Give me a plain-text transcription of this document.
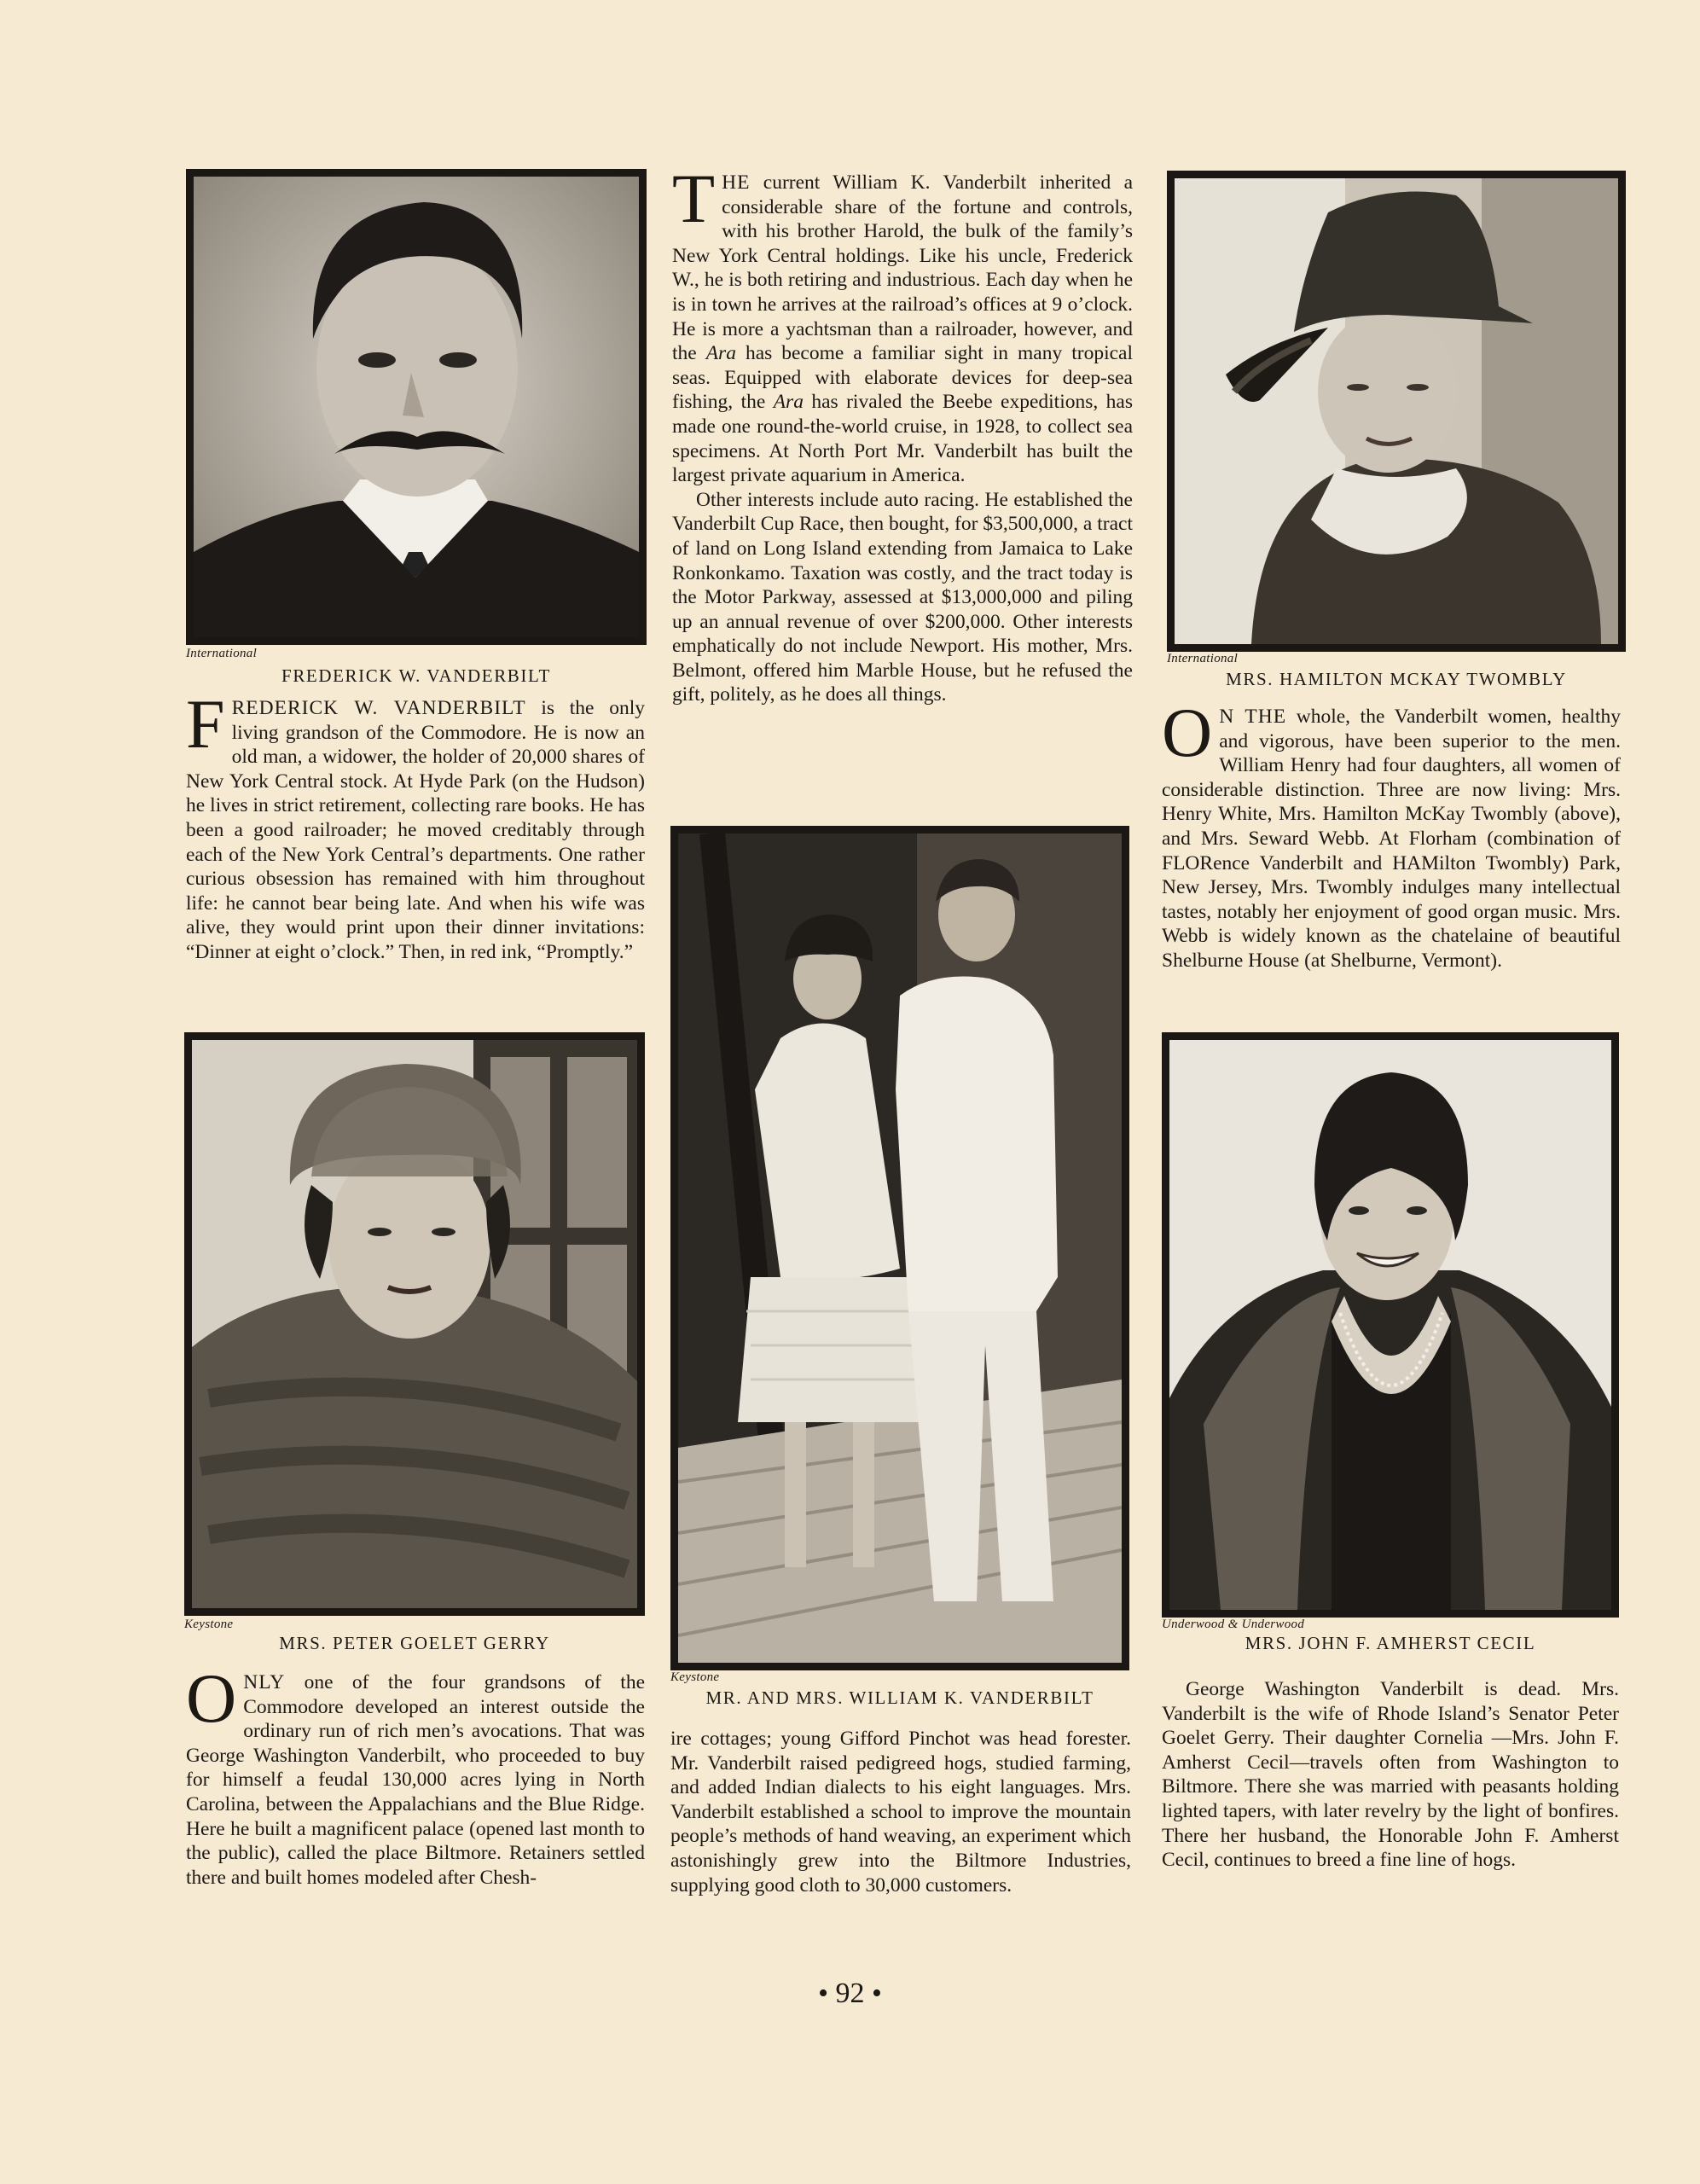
International
FREDERICK W. VANDERBILT

FREDERICK W. VANDERBILT is the only living grandson of the Commodore. He is now an old man, a widower, the holder of 20,000 shares of New York Central stock. At Hyde Park (on the Hudson) he lives in strict retirement, collecting rare books. He has been a good railroader; he moved creditably through each of the New York Central’s departments. One rather curious obsession has remained with him throughout life: he cannot bear being late. And when his wife was alive, they would print upon their dinner invitations: “Dinner at eight o’clock.” Then, in red ink, “Promptly.”

Keystone
MRS. PETER GOELET GERRY

ONLY one of the four grandsons of the Commodore developed an interest outside the ordinary run of rich men’s avocations. That was George Washington Vanderbilt, who proceeded to buy for himself a feudal 130,000 acres lying in North Carolina, between the Appalachians and the Blue Ridge. Here he built a magnificent palace (opened last month to the public), called the place Biltmore. Retainers settled there and built homes modeled after Chesh-

THE current William K. Vanderbilt inherited a considerable share of the fortune and controls, with his brother Harold, the bulk of the family’s New York Central holdings. Like his uncle, Frederick W., he is both retiring and industrious. Each day when he is in town he arrives at the railroad’s offices at 9 o’clock. He is more a yachtsman than a railroader, however, and the Ara has become a familiar sight in many tropical seas. Equipped with elaborate devices for deep-sea fishing, the Ara has rivaled the Beebe expeditions, has made one round-the-world cruise, in 1928, to collect sea specimens. At North Port Mr. Vanderbilt has built the largest private aquarium in America.

Other interests include auto racing. He established the Vanderbilt Cup Race, then bought, for $3,500,000, a tract of land on Long Island extending from Jamaica to Lake Ronkonkamo. Taxation was costly, and the tract today is the Motor Parkway, assessed at $13,000,000 and piling up an annual revenue of over $200,000. Other interests emphatically do not include Newport. His mother, Mrs. Belmont, offered him Marble House, but he refused the gift, politely, as he does all things.

Keystone
MR. AND MRS. WILLIAM K. VANDERBILT

ire cottages; young Gifford Pinchot was head forester. Mr. Vanderbilt raised pedigreed hogs, studied farming, and added Indian dialects to his eight languages. Mrs. Vanderbilt established a school to improve the mountain people’s methods of hand weaving, an experiment which astonishingly grew into the Biltmore Industries, supplying good cloth to 30,000 customers.

International
MRS. HAMILTON MCKAY TWOMBLY

O N THE whole, the Vanderbilt women, healthy and vigorous, have been superior to the men. William Henry had four daughters, all women of considerable distinction. Three are now living: Mrs. Henry White, Mrs. Hamilton McKay Twombly (above), and Mrs. Seward Webb. At Florham (combination of FLORence Vanderbilt and HAMilton Twombly) Park, New Jersey, Mrs. Twombly indulges many intellectual tastes, notably her enjoyment of good organ music. Mrs. Webb is widely known as the chatelaine of beautiful Shelburne House (at Shelburne, Vermont).

Underwood & Underwood
MRS. JOHN F. AMHERST CECIL

George Washington Vanderbilt is dead. Mrs. Vanderbilt is the wife of Rhode Island’s Senator Peter Goelet Gerry. Their daughter Cornelia —Mrs. John F. Amherst Cecil—travels often from Washington to Biltmore. There she was married with peasants holding lighted tapers, with later revelry by the light of bonfires. There her husband, the Honorable John F. Amherst Cecil, continues to breed a fine line of hogs.

• 92 •
